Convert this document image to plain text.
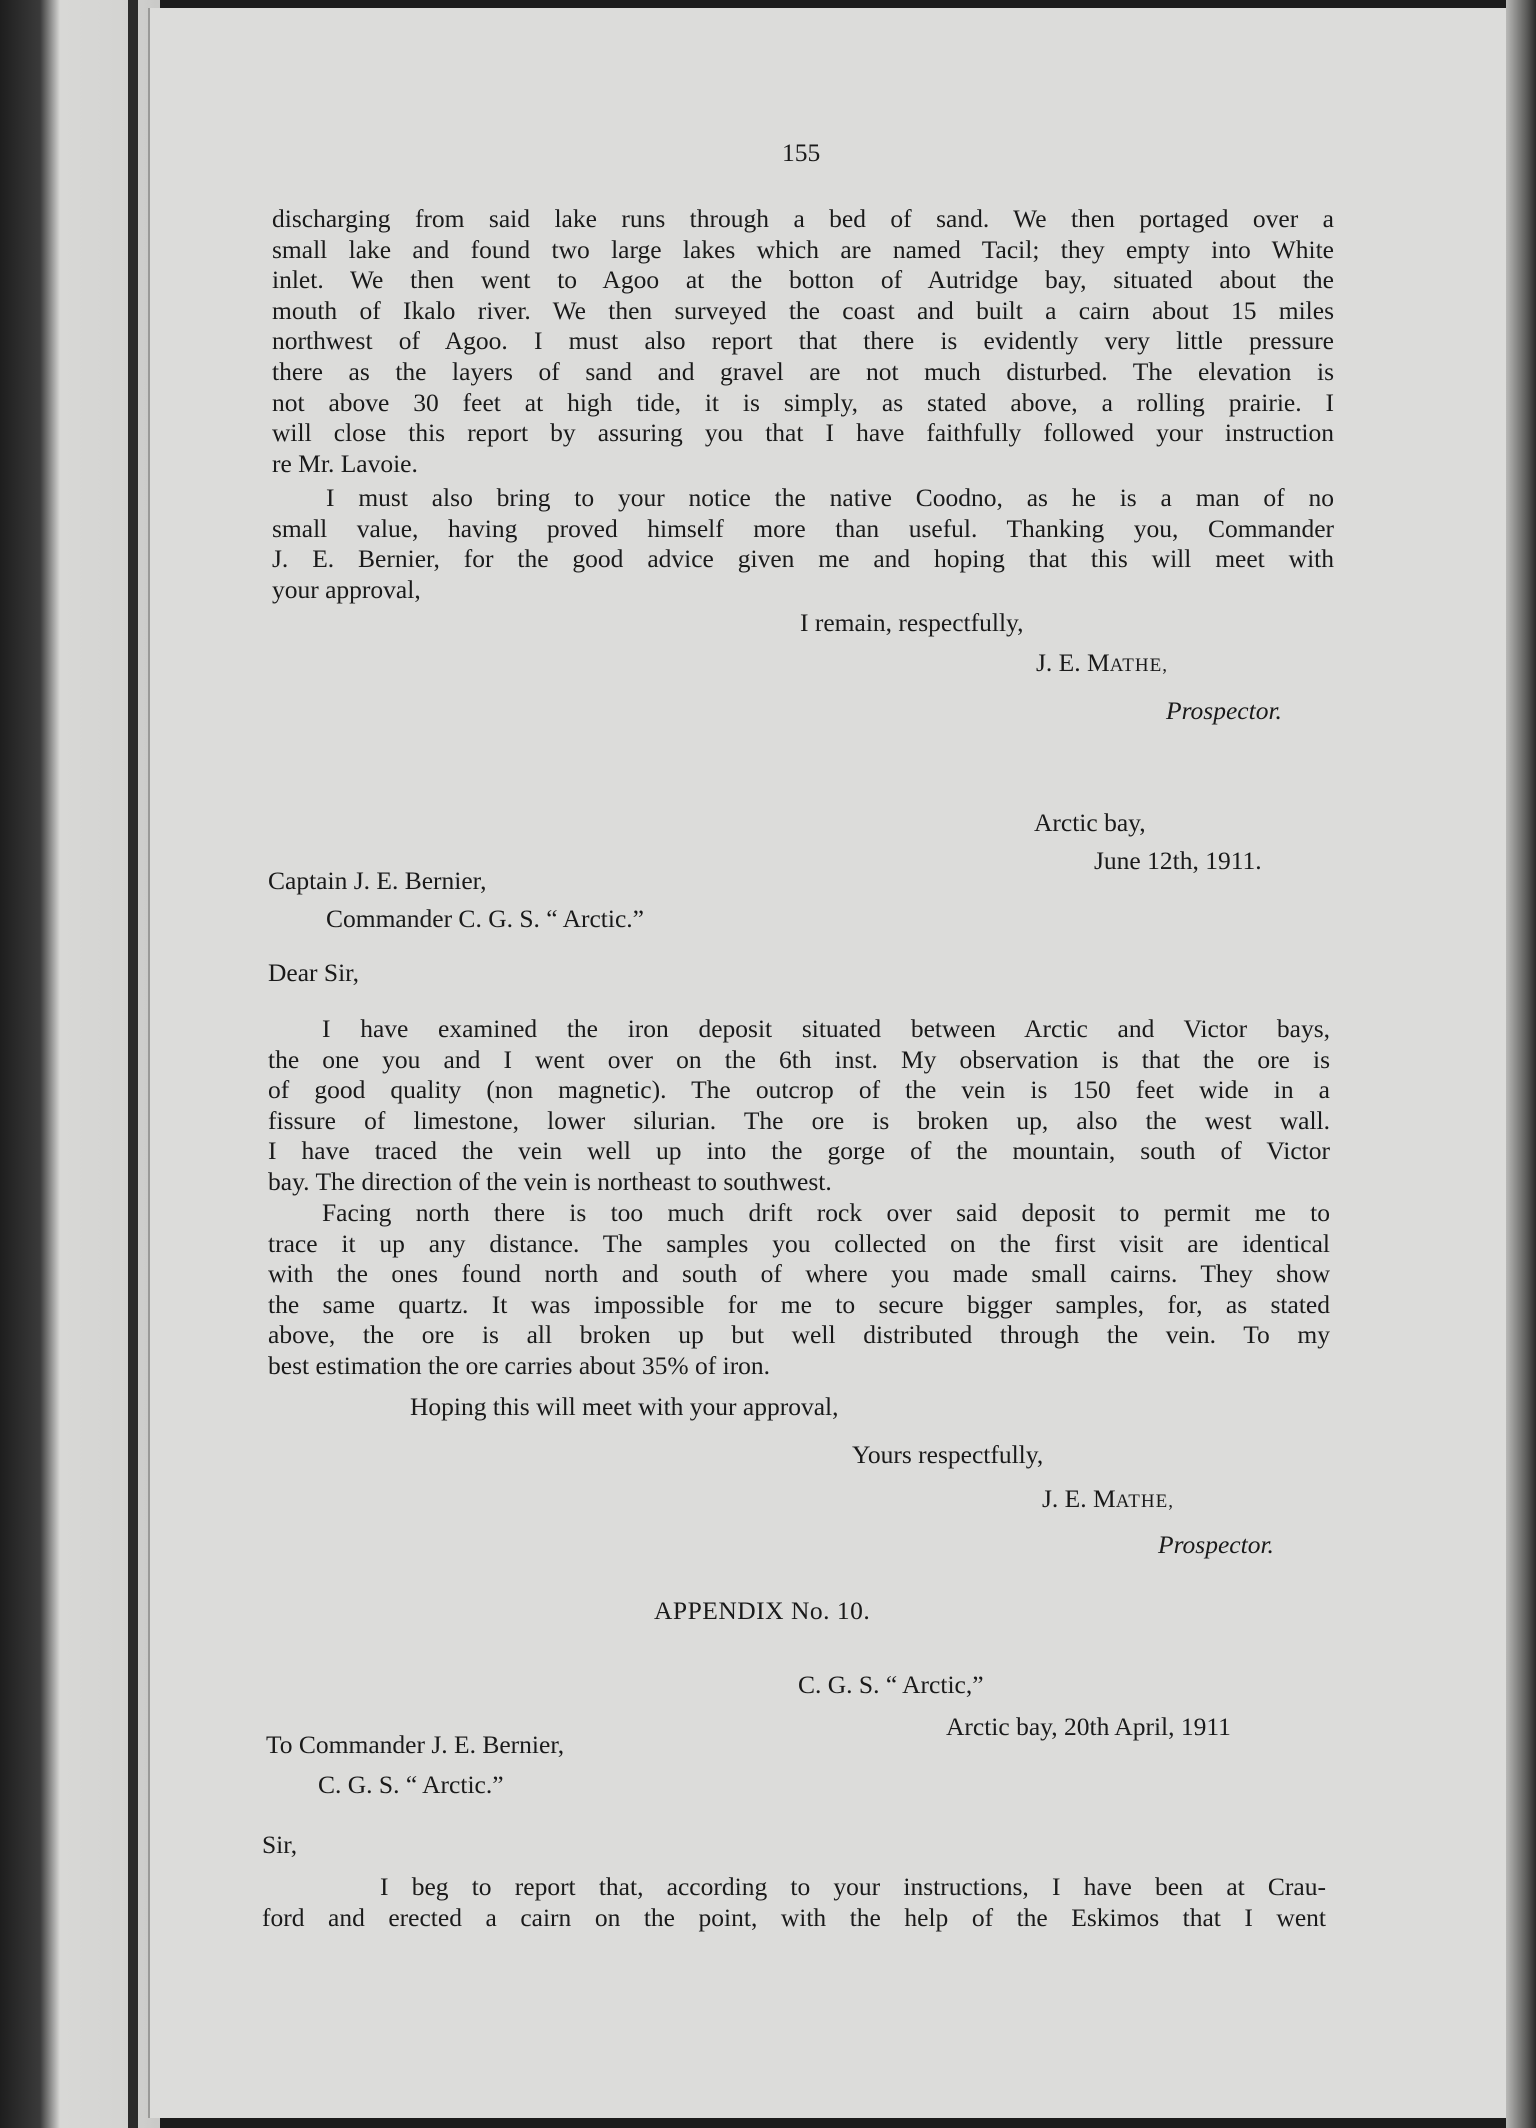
155
discharging from said lake runs through a bed of sand. We then portaged over a
small lake and found two large lakes which are named Tacil; they empty into White
inlet. We then went to Agoo at the botton of Autridge bay, situated about the
mouth of Ikalo river. We then surveyed the coast and built a cairn about 15 miles
northwest of Agoo. I must also report that there is evidently very little pressure
there as the layers of sand and gravel are not much disturbed. The elevation is
not above 30 feet at high tide, it is simply, as stated above, a rolling prairie. I
will close this report by assuring you that I have faithfully followed your instruction
re Mr. Lavoie.
I must also bring to your notice the native Coodno, as he is a man of no
small value, having proved himself more than useful. Thanking you, Commander
J. E. Bernier, for the good advice given me and hoping that this will meet with
your approval,
I remain, respectfully,
J. E. MATHE,
Prospector.
Arctic bay,
June 12th, 1911.
Captain J. E. Bernier,
Commander C. G. S. “ Arctic.”
Dear Sir,
I have examined the iron deposit situated between Arctic and Victor bays,
the one you and I went over on the 6th inst. My observation is that the ore is
of good quality (non magnetic). The outcrop of the vein is 150 feet wide in a
fissure of limestone, lower silurian. The ore is broken up, also the west wall.
I have traced the vein well up into the gorge of the mountain, south of Victor
bay. The direction of the vein is northeast to southwest.
Facing north there is too much drift rock over said deposit to permit me to
trace it up any distance. The samples you collected on the first visit are identical
with the ones found north and south of where you made small cairns. They show
the same quartz. It was impossible for me to secure bigger samples, for, as stated
above, the ore is all broken up but well distributed through the vein. To my
best estimation the ore carries about 35% of iron.
Hoping this will meet with your approval,
Yours respectfully,
J. E. MATHE,
Prospector.
APPENDIX No. 10.
C. G. S. “ Arctic,”
Arctic bay, 20th April, 1911
To Commander J. E. Bernier,
C. G. S. “ Arctic.”
Sir,
I beg to report that, according to your instructions, I have been at Crau-
ford and erected a cairn on the point, with the help of the Eskimos that I went
